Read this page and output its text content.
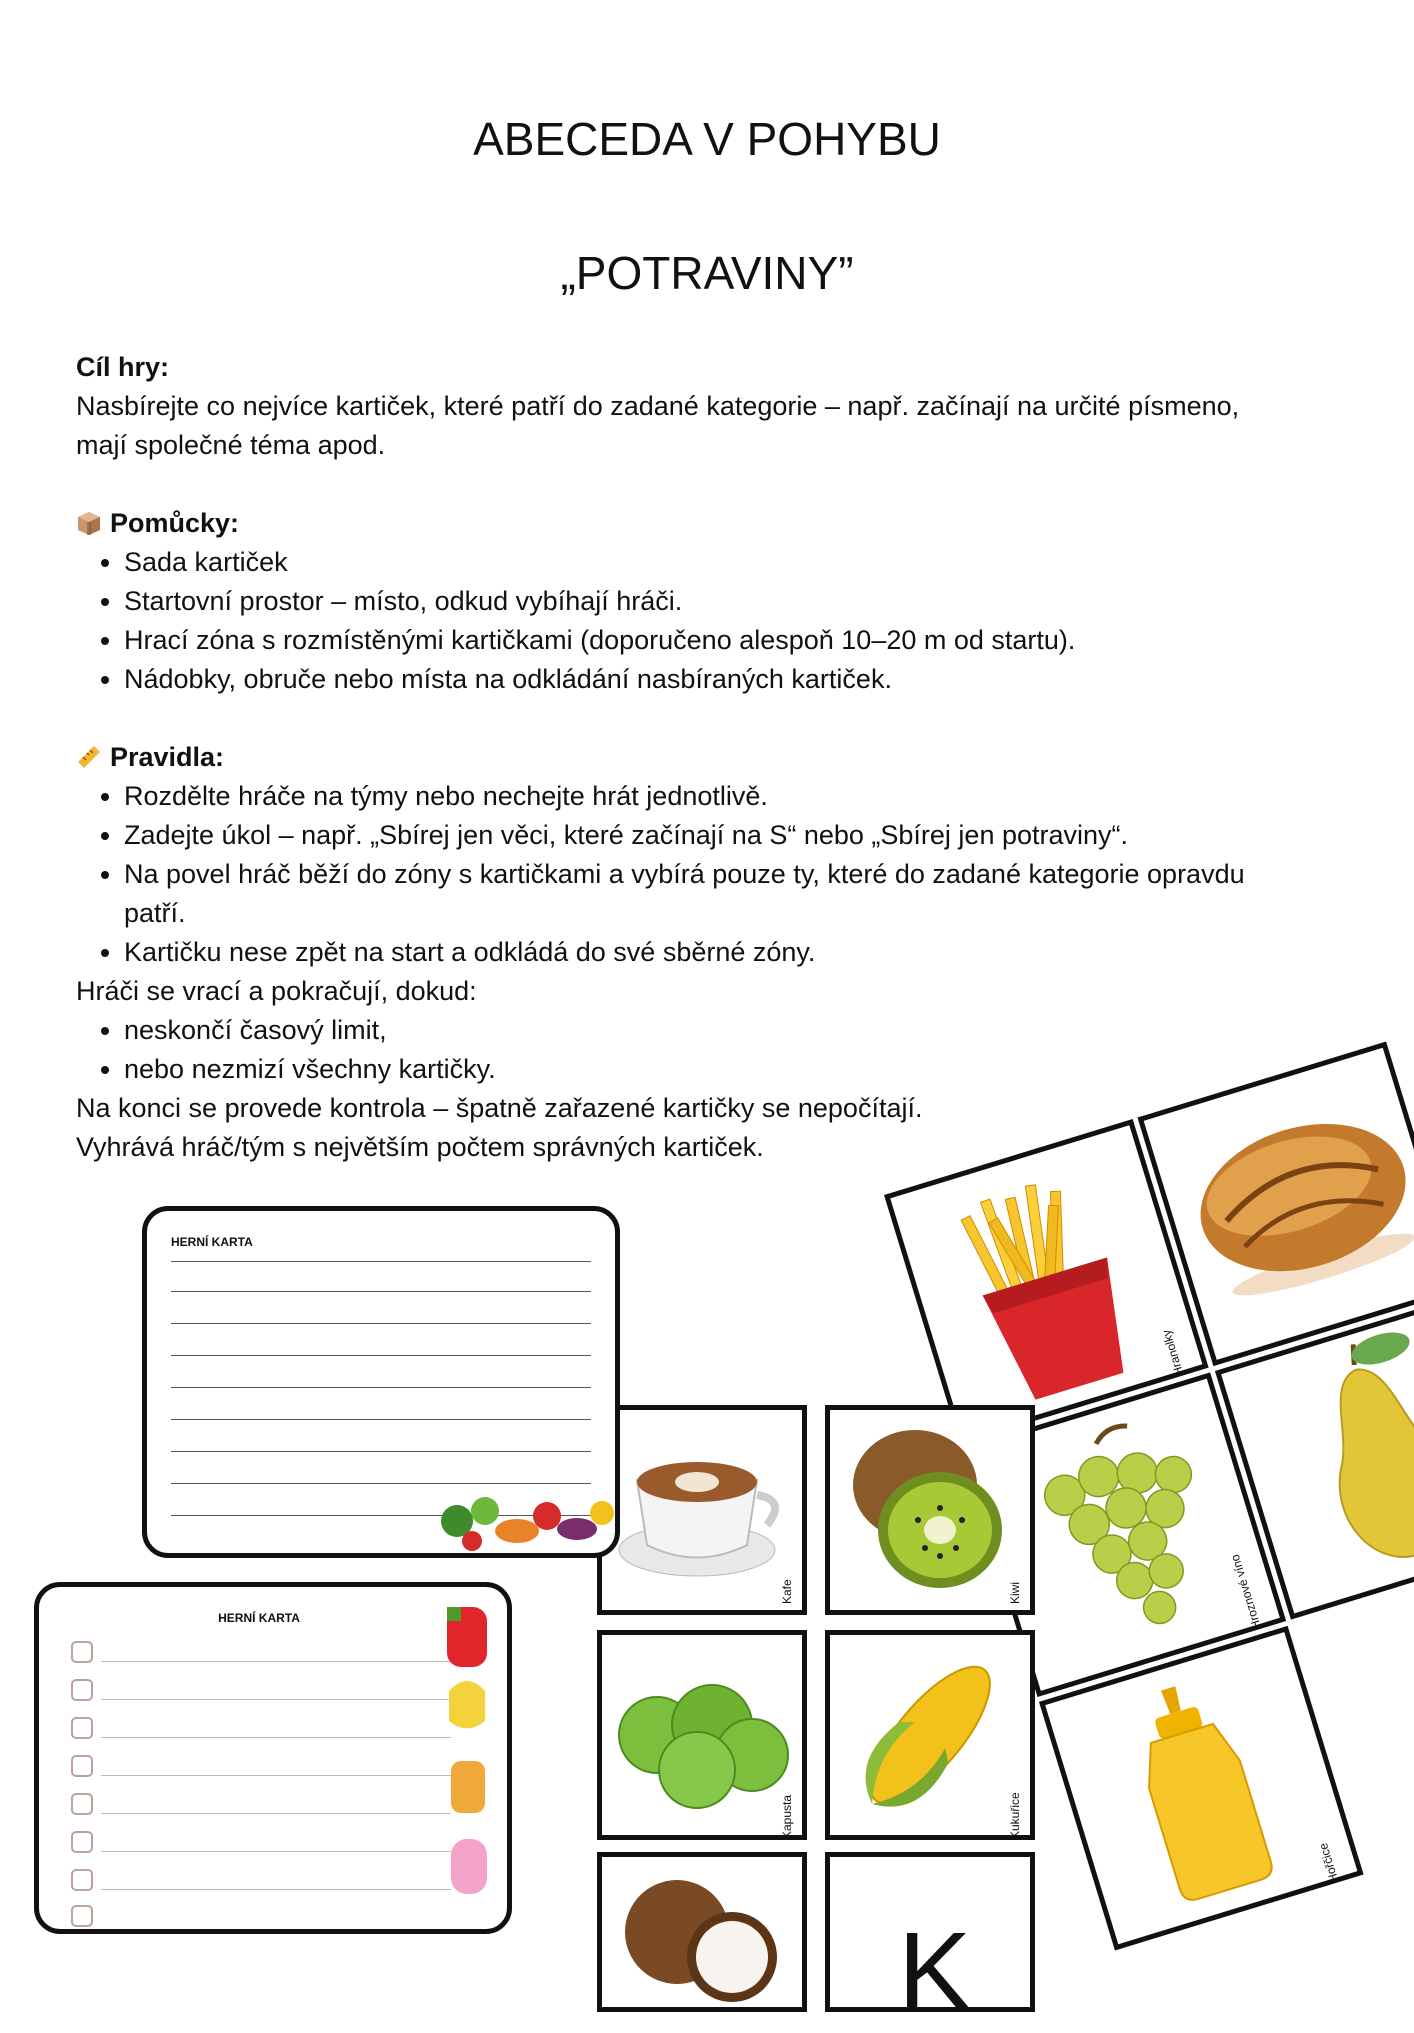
ABECEDA V POHYBU
„POTRAVINY”

Cíl hry:

Nasbírejte co nejvíce kartiček, které patří do zadané kategorie – např. začínají na určité písmeno,

mají společné téma apod.

Pomůcky:

• Sada kartiček
• Startovní prostor – místo, odkud vybíhají hráči.
• Hrací zóna s rozmístěnými kartičkami (doporučeno alespoň 10–20 m od startu).
• Nádobky, obruče nebo místa na odkládání nasbíraných kartiček.

Pravidla:

• Rozdělte hráče na týmy nebo nechejte hrát jednotlivě.
• Zadejte úkol – např. „Sbírej jen věci, které začínají na S“ nebo „Sbírej jen potraviny“.
• Na povel hráč běží do zóny s kartičkami a vybírá pouze ty, které do zadané kategorie opravdu
patří.
• Kartičku nese zpět na start a odkládá do své sběrné zóny.

Hráči se vrací a pokračují, dokud:

• neskončí časový limit,
• nebo nezmizí všechny kartičky.

Na konci se provede kontrola – špatně zařazené kartičky se nepočítají.

Vyhrává hráč/tým s největším počtem správných kartiček.

Hranolky
Hroznové víno
Hořčice
Kafe	Kiwi
Kapusta	Kukuřice
K
HERNÍ KARTA
HERNÍ KARTA
